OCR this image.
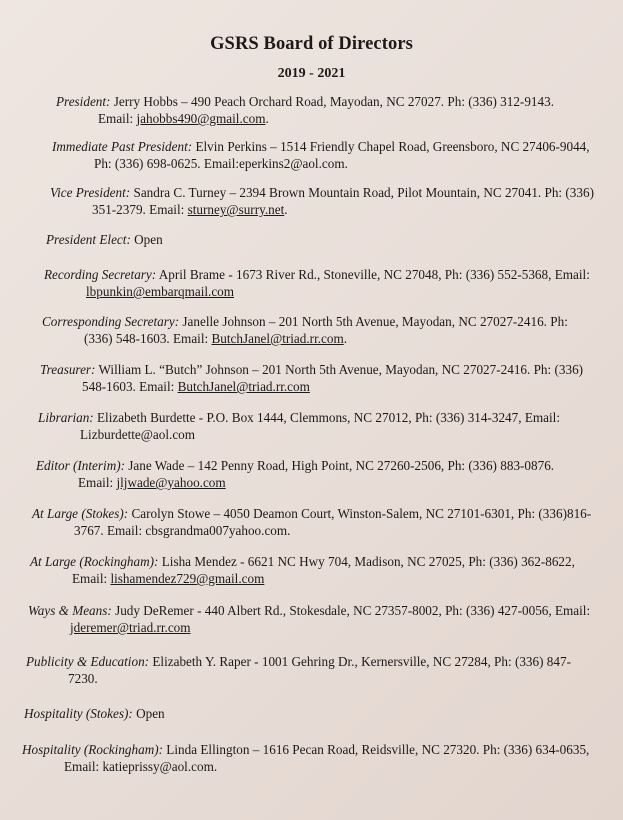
GSRS Board of Directors
2019 - 2021
President: Jerry Hobbs – 490 Peach Orchard Road, Mayodan, NC 27027. Ph: (336) 312-9143. Email: jahobbs490@gmail.com.
Immediate Past President: Elvin Perkins – 1514 Friendly Chapel Road, Greensboro, NC 27406-9044, Ph: (336) 698-0625. Email:eperkins2@aol.com.
Vice President: Sandra C. Turney – 2394 Brown Mountain Road, Pilot Mountain, NC 27041. Ph: (336) 351-2379. Email: sturney@surry.net.
President Elect: Open
Recording Secretary: April Brame - 1673 River Rd., Stoneville, NC 27048, Ph: (336) 552-5368, Email: lbpunkin@embarqmail.com
Corresponding Secretary: Janelle Johnson – 201 North 5th Avenue, Mayodan, NC 27027-2416. Ph: (336) 548-1603. Email: ButchJanel@triad.rr.com.
Treasurer: William L. “Butch” Johnson – 201 North 5th Avenue, Mayodan, NC 27027-2416. Ph: (336) 548-1603. Email: ButchJanel@triad.rr.com
Librarian: Elizabeth Burdette - P.O. Box 1444, Clemmons, NC 27012, Ph: (336) 314-3247, Email: Lizburdette@aol.com
Editor (Interim): Jane Wade – 142 Penny Road, High Point, NC 27260-2506, Ph: (336) 883-0876. Email: jljwade@yahoo.com
At Large (Stokes): Carolyn Stowe – 4050 Deamon Court, Winston-Salem, NC 27101-6301, Ph: (336)816-3767. Email: cbsgrandma007yahoo.com.
At Large (Rockingham): Lisha Mendez - 6621 NC Hwy 704, Madison, NC 27025, Ph: (336) 362-8622, Email: lishamendez729@gmail.com
Ways & Means: Judy DeRemer - 440 Albert Rd., Stokesdale, NC 27357-8002, Ph: (336) 427-0056, Email: jderemer@triad.rr.com
Publicity & Education: Elizabeth Y. Raper - 1001 Gehring Dr., Kernersville, NC 27284, Ph: (336) 847-7230.
Hospitality (Stokes): Open
Hospitality (Rockingham): Linda Ellington – 1616 Pecan Road, Reidsville, NC 27320. Ph: (336) 634-0635, Email: katieprissy@aol.com.
